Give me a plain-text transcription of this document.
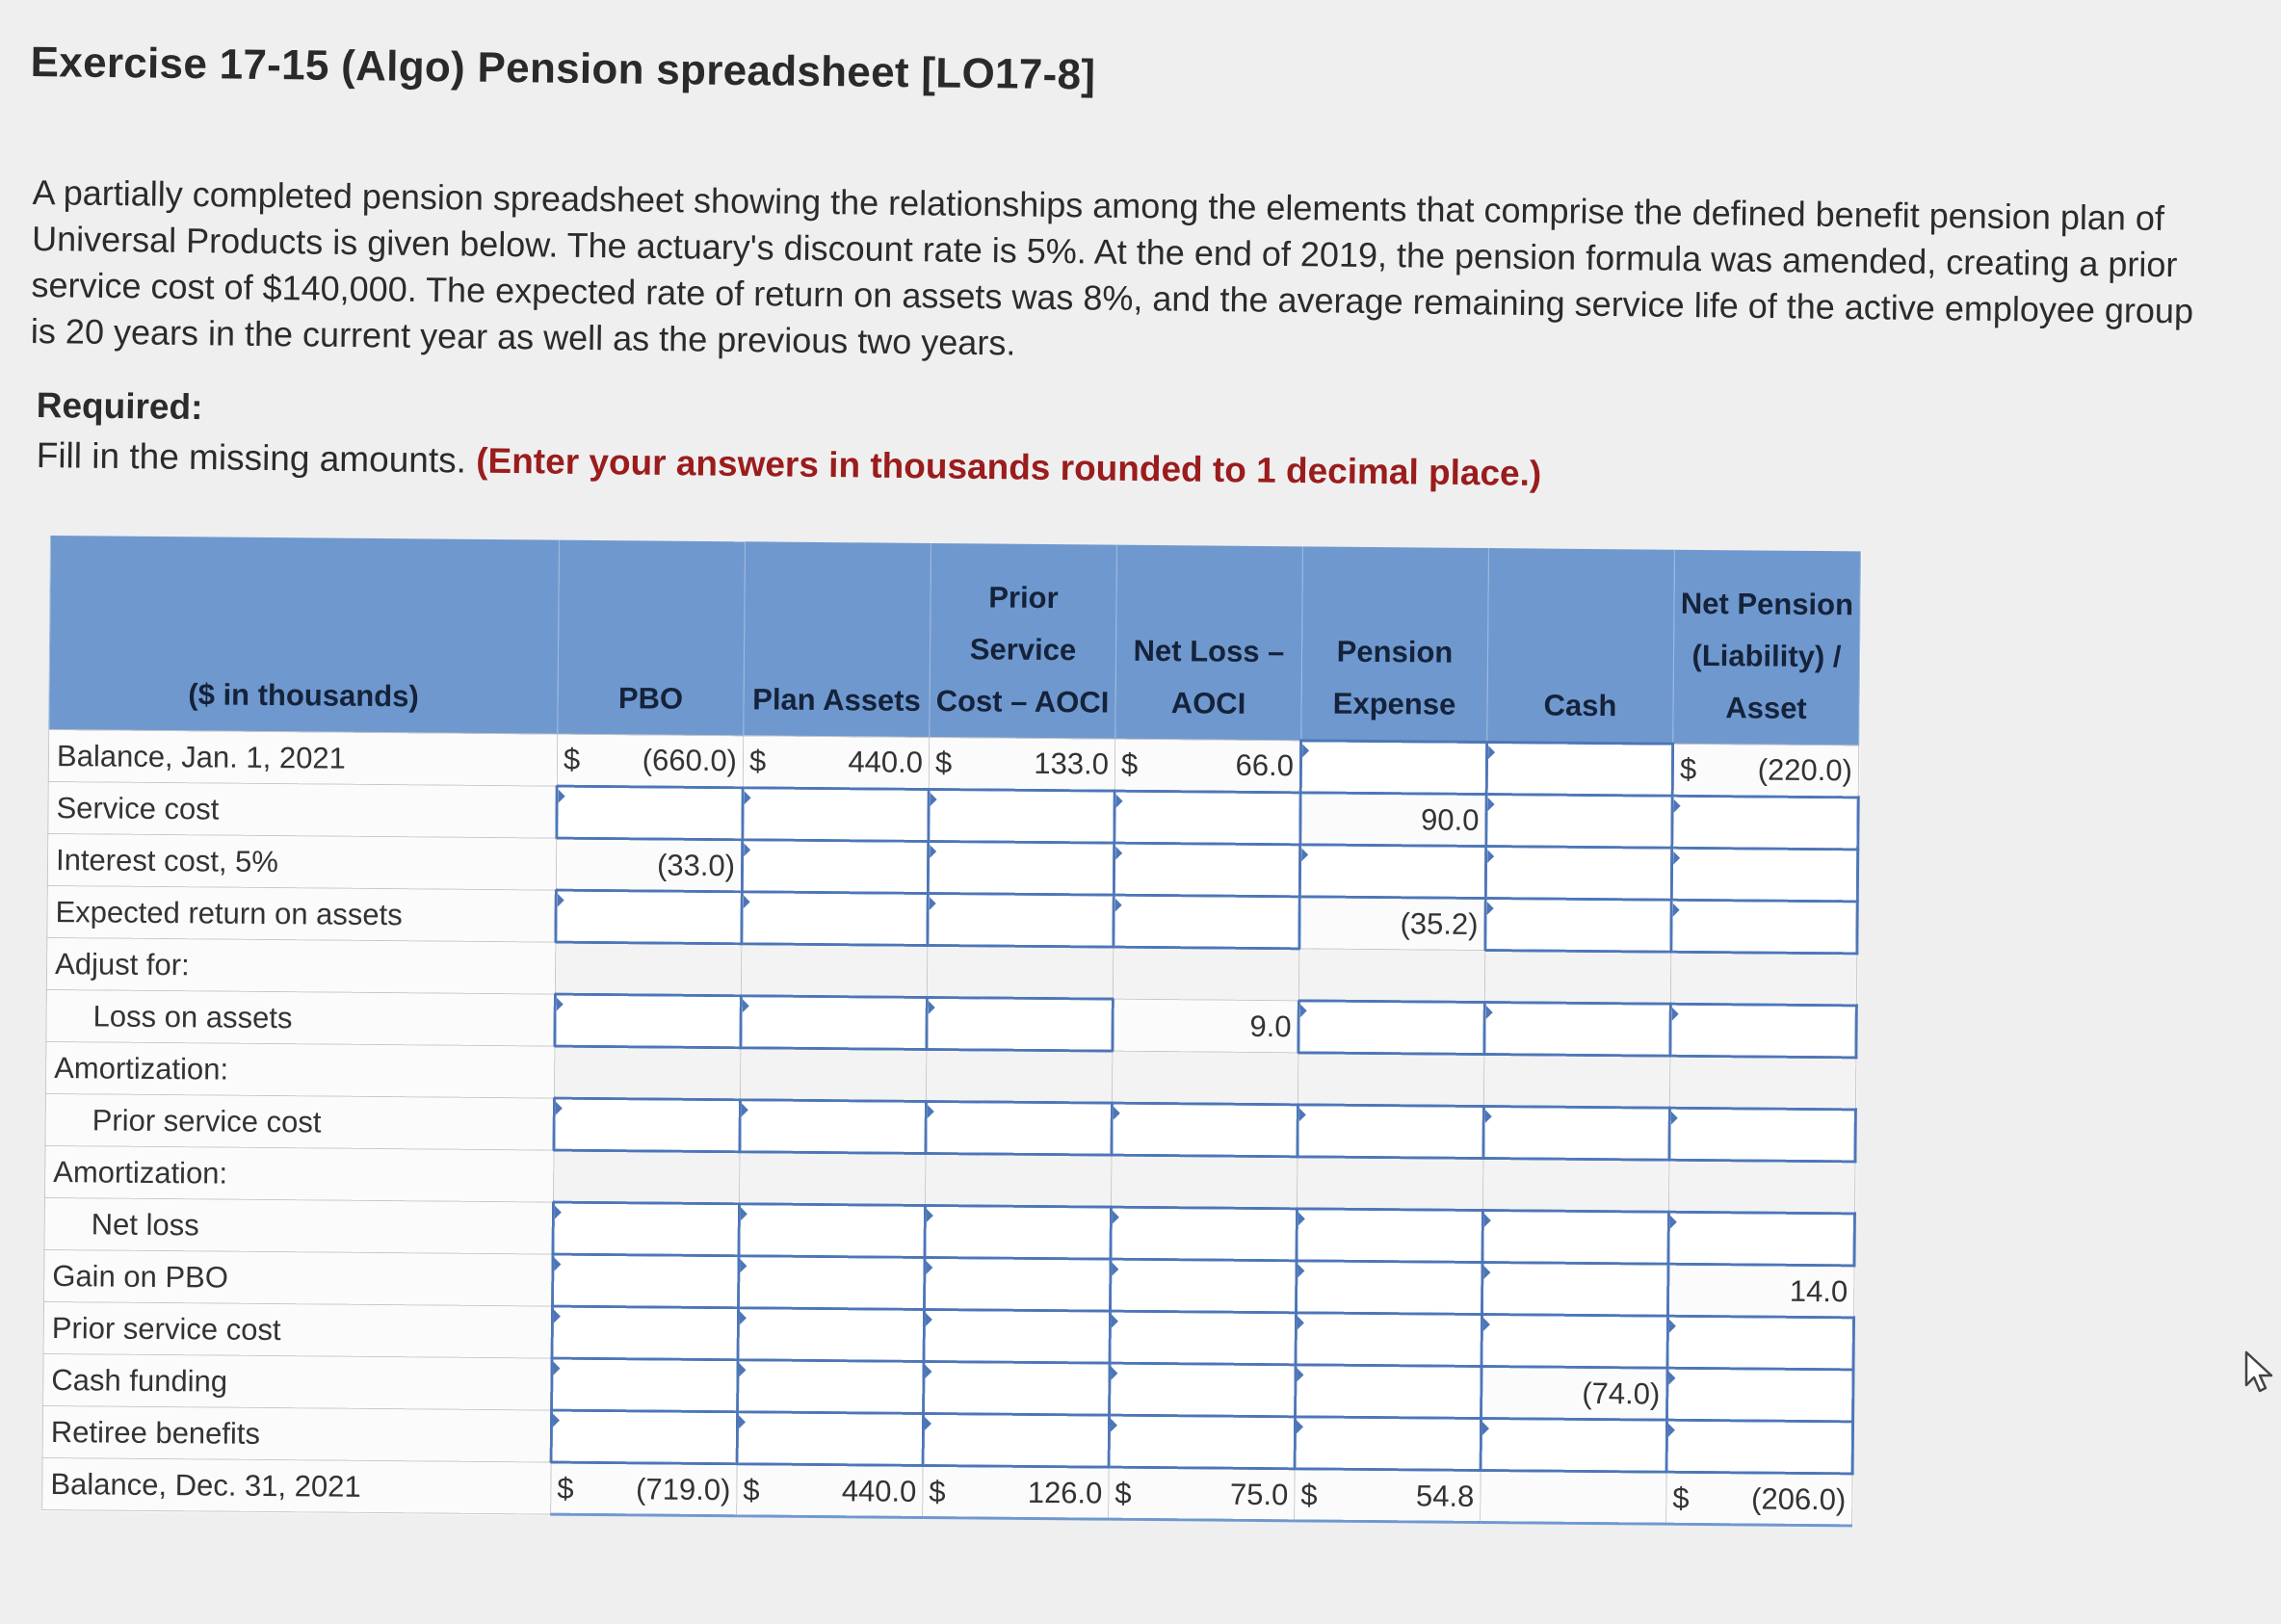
Exercise 17-15 (Algo) Pension spreadsheet [LO17-8]
A partially completed pension spreadsheet showing the relationships among the elements that comprise the defined benefit pension plan of Universal Products is given below. The actuary's discount rate is 5%. At the end of 2019, the pension formula was amended, creating a prior service cost of $140,000. The expected rate of return on assets was 8%, and the average remaining service life of the active employee group is 20 years in the current year as well as the previous two years.
Required:
Fill in the missing amounts. (Enter your answers in thousands rounded to 1 decimal place.)
($ in thousands)	PBO	Plan Assets	Prior Service Cost – AOCI	Net Loss – AOCI	Pension Expense	Cash	Net Pension (Liability) / Asset
Balance, Jan. 1, 2021	$ (660.0)	$ 440.0	$ 133.0	$ 66.0			$ (220.0)
Service cost					90.0		
Interest cost, 5%	(33.0)						
Expected return on assets					(35.2)		
Adjust for:							
Loss on assets				9.0			
Amortization:							
Prior service cost							
Amortization:							
Net loss							
Gain on PBO							14.0
Prior service cost							
Cash funding						(74.0)	
Retiree benefits							
Balance, Dec. 31, 2021	$ (719.0)	$ 440.0	$ 126.0	$ 75.0	$ 54.8		$ (206.0)
